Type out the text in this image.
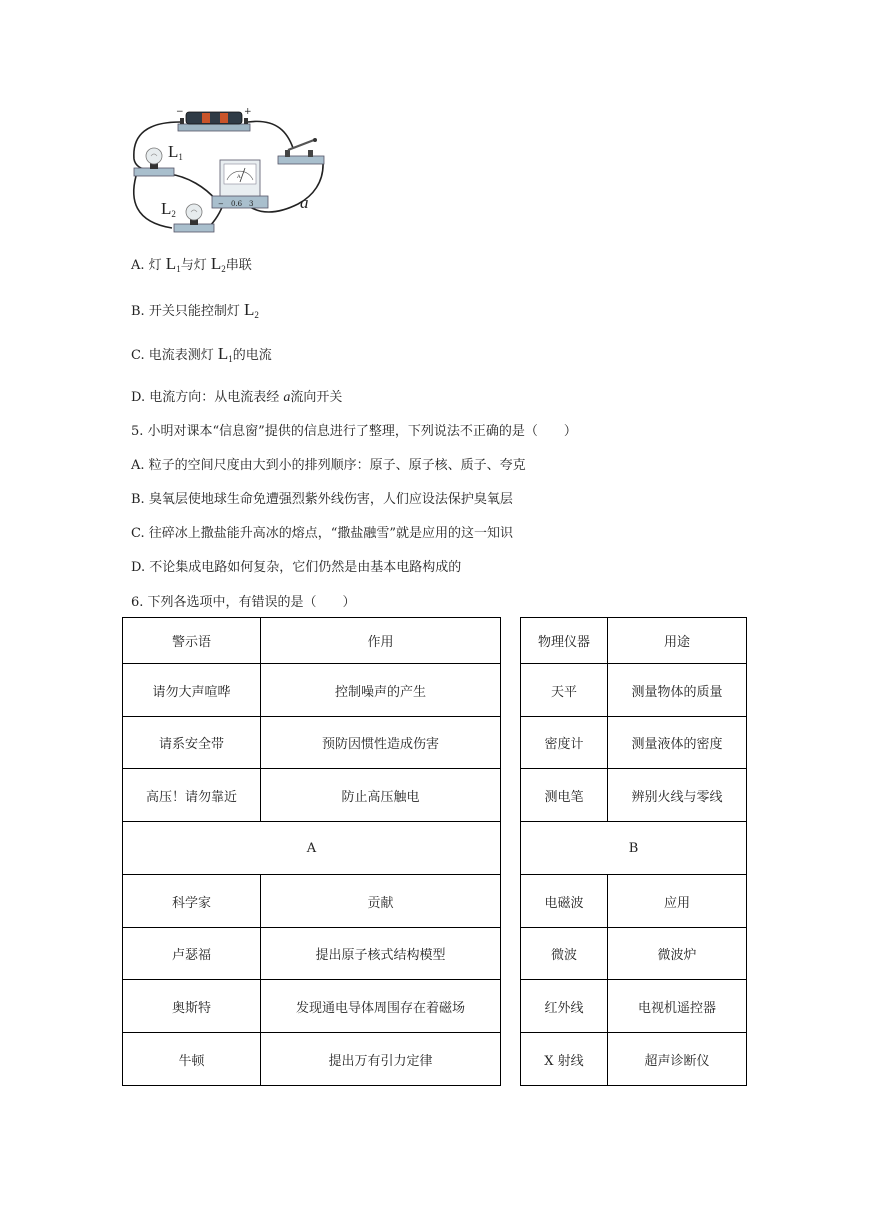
−	+
L1
A
− 0.6 3
L2
a
A. 灯 $L_1$与灯 $L_2$串联
B. 开关只能控制灯 $L_2$
C. 电流表测灯 $L_1$的电流
D. 电流方向：从电流表经 a流向开关
5. 小明对课本“信息窗”提供的信息进行了整理，下列说法不正确的是（　　）
A. 粒子的空间尺度由大到小的排列顺序：原子、原子核、质子、夸克
B. 臭氧层使地球生命免遭强烈紫外线伤害，人们应设法保护臭氧层
C. 往碎冰上撒盐能升高冰的熔点，“撒盐融雪”就是应用的这一知识
D. 不论集成电路如何复杂，它们仍然是由基本电路构成的
6. 下列各选项中，有错误的是（　　）
警示语	作用
请勿大声喧哗	控制噪声的产生
请系安全带	预防因惯性造成伤害
高压！请勿靠近	防止高压触电
A	
物理仪器	用途
天平	测量物体的质量
密度计	测量液体的密度
测电笔	辨别火线与零线
B	
科学家	贡献
卢瑟福	提出原子核式结构模型
奥斯特	发现通电导体周围存在着磁场
牛顿	提出万有引力定律
电磁波	应用
微波	微波炉
红外线	电视机遥控器
X 射线	超声诊断仪
